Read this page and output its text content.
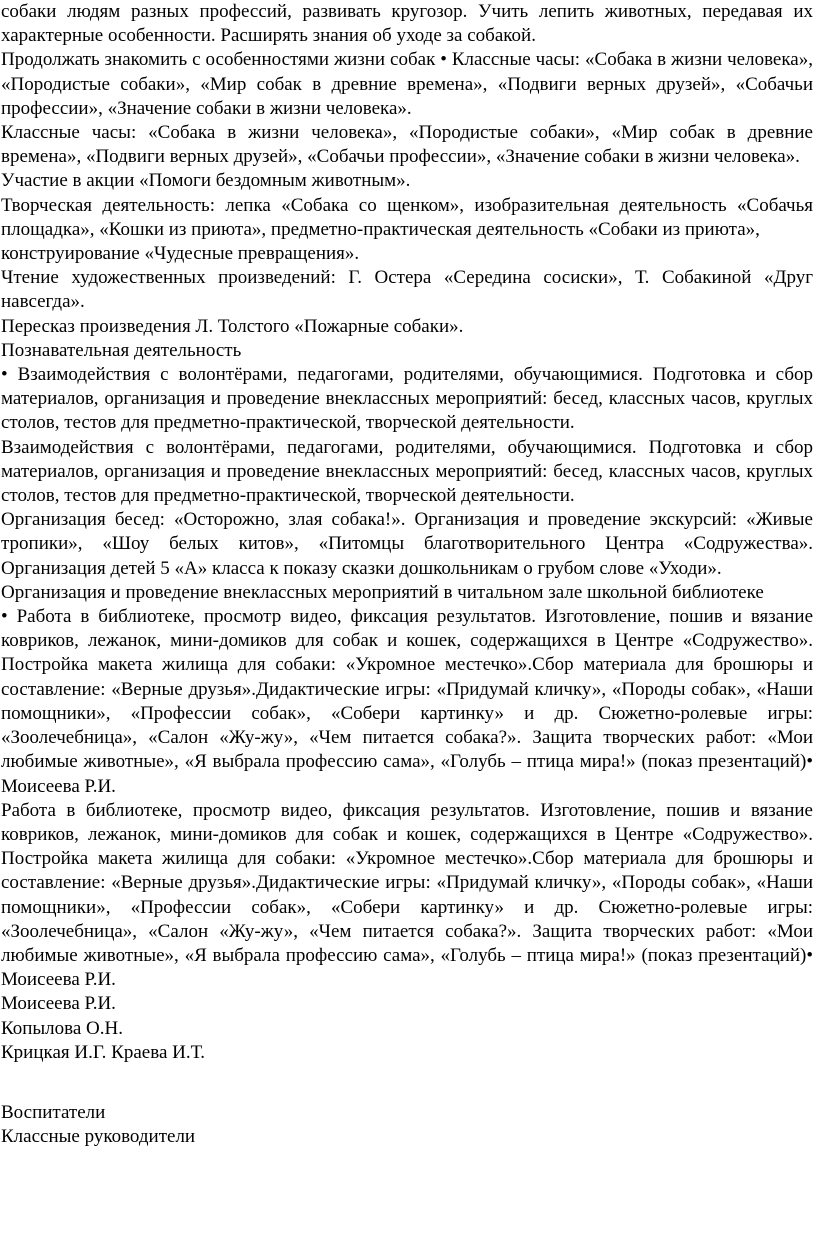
собаки людям разных профессий, развивать кругозор. Учить лепить животных, передавая их характерные особенности. Расширять знания об уходе за собакой.

Продолжать знакомить с особенностями жизни собак • Классные часы: «Собака в жизни человека», «Породистые собаки», «Мир собак в древние времена», «Подвиги верных друзей», «Собачьи профессии», «Значение собаки в жизни человека».

Классные часы: «Собака в жизни человека», «Породистые собаки», «Мир собак в древние времена», «Подвиги верных друзей», «Собачьи профессии», «Значение собаки в жизни человека».

Участие в акции «Помоги бездомным животным».

Творческая деятельность: лепка «Собака со щенком», изобразительная деятельность «Собачья площадка», «Кошки из приюта», предметно-практическая деятельность «Собаки из приюта»,

конструирование «Чудесные превращения».

Чтение художественных произведений: Г. Остера «Середина сосиски», Т. Собакиной «Друг навсегда».

Пересказ произведения Л. Толстого «Пожарные собаки».

Познавательная деятельность

• Взаимодействия с волонтёрами, педагогами, родителями, обучающимися. Подготовка и сбор материалов, организация и проведение внеклассных мероприятий: бесед, классных часов, круглых столов, тестов для предметно-практической, творческой деятельности.

Взаимодействия с волонтёрами, педагогами, родителями, обучающимися. Подготовка и сбор материалов, организация и проведение внеклассных мероприятий: бесед, классных часов, круглых столов, тестов для предметно-практической, творческой деятельности.

Организация бесед: «Осторожно, злая собака!». Организация и проведение экскурсий: «Живые тропики», «Шоу белых китов», «Питомцы благотворительного Центра «Содружества». Организация детей 5 «А» класса к показу сказки дошкольникам о грубом слове «Уходи».

Организация и проведение внеклассных мероприятий в читальном зале школьной библиотеке

• Работа в библиотеке, просмотр видео, фиксация результатов. Изготовление, пошив и вязание ковриков, лежанок, мини-домиков для собак и кошек, содержащихся в Центре «Содружество». Постройка макета жилища для собаки: «Укромное местечко».Сбор материала для брошюры и составление: «Верные друзья».Дидактические игры: «Придумай кличку», «Породы собак», «Наши помощники», «Профессии собак», «Собери картинку» и др. Сюжетно-ролевые игры: «Зоолечебница», «Салон «Жу-жу», «Чем питается собака?». Защита творческих работ: «Мои любимые животные», «Я выбрала профессию сама», «Голубь – птица мира!» (показ презентаций)• Моисеева Р.И.

Работа в библиотеке, просмотр видео, фиксация результатов. Изготовление, пошив и вязание ковриков, лежанок, мини-домиков для собак и кошек, содержащихся в Центре «Содружество». Постройка макета жилища для собаки: «Укромное местечко».Сбор материала для брошюры и составление: «Верные друзья».Дидактические игры: «Придумай кличку», «Породы собак», «Наши помощники», «Профессии собак», «Собери картинку» и др. Сюжетно-ролевые игры: «Зоолечебница», «Салон «Жу-жу», «Чем питается собака?». Защита творческих работ: «Мои любимые животные», «Я выбрала профессию сама», «Голубь – птица мира!» (показ презентаций)• Моисеева Р.И.

Моисеева Р.И.

Копылова О.Н.

Крицкая И.Г. Краева И.Т.

Воспитатели

Классные руководители
